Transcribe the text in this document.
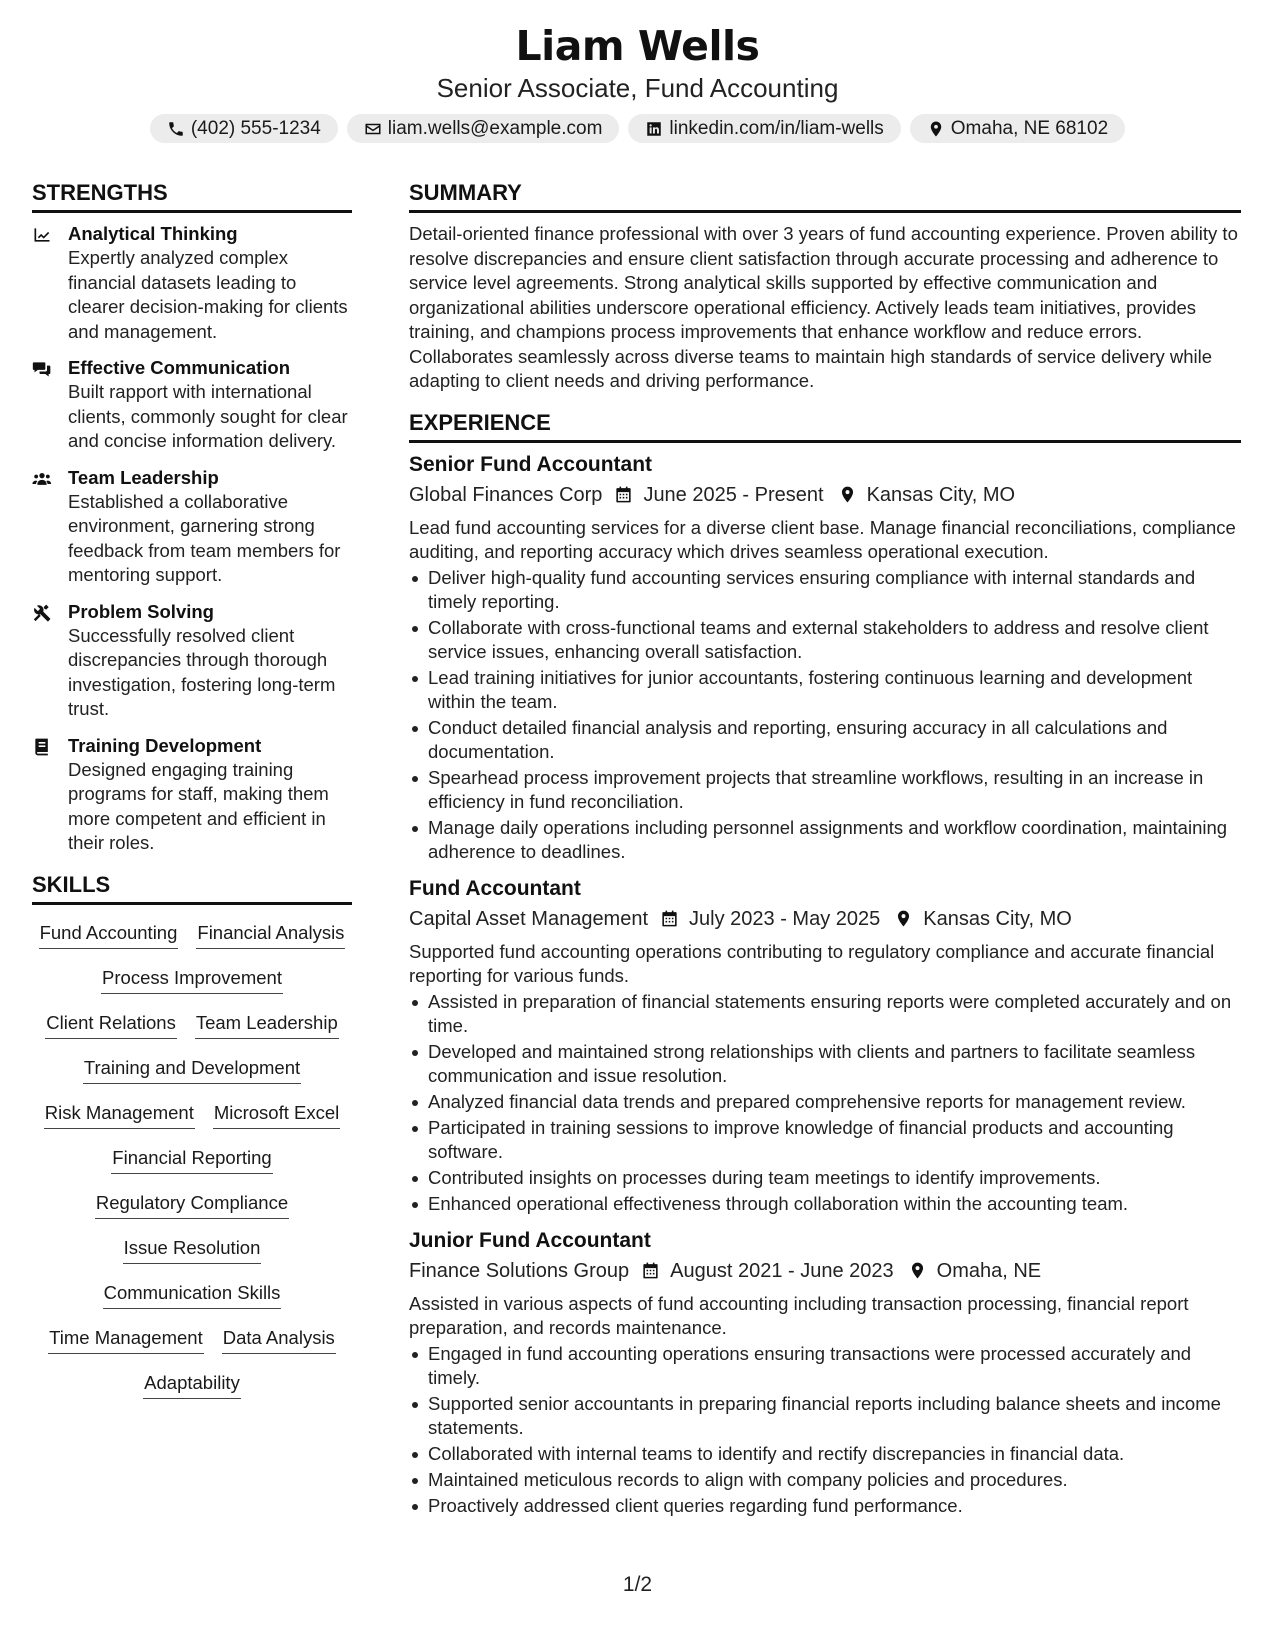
Liam Wells
Senior Associate, Fund Accounting
(402) 555-1234	liam.wells@example.com	linkedin.com/in/liam-wells	Omaha, NE 68102
STRENGTHS
Analytical Thinking
Expertly analyzed complex financial datasets leading to clearer decision-making for clients and management.
Effective Communication
Built rapport with international clients, commonly sought for clear and concise information delivery.
Team Leadership
Established a collaborative environment, garnering strong feedback from team members for mentoring support.
Problem Solving
Successfully resolved client discrepancies through thorough investigation, fostering long-term trust.
Training Development
Designed engaging training programs for staff, making them more competent and efficient in their roles.
SKILLS
Fund Accounting Financial Analysis
Process Improvement
Client Relations Team Leadership
Training and Development
Risk Management Microsoft Excel
Financial Reporting
Regulatory Compliance
Issue Resolution
Communication Skills
Time Management Data Analysis
Adaptability
SUMMARY
Detail-oriented finance professional with over 3 years of fund accounting experience. Proven ability to resolve discrepancies and ensure client satisfaction through accurate processing and adherence to service level agreements. Strong analytical skills supported by effective communication and organizational abilities underscore operational efficiency. Actively leads team initiatives, provides training, and champions process improvements that enhance workflow and reduce errors. Collaborates seamlessly across diverse teams to maintain high standards of service delivery while adapting to client needs and driving performance.
EXPERIENCE
Senior Fund Accountant
Global Finances Corp June 2025 - Present Kansas City, MO
Lead fund accounting services for a diverse client base. Manage financial reconciliations, compliance auditing, and reporting accuracy which drives seamless operational execution.
Deliver high-quality fund accounting services ensuring compliance with internal standards and timely reporting.
Collaborate with cross-functional teams and external stakeholders to address and resolve client service issues, enhancing overall satisfaction.
Lead training initiatives for junior accountants, fostering continuous learning and development within the team.
Conduct detailed financial analysis and reporting, ensuring accuracy in all calculations and documentation.
Spearhead process improvement projects that streamline workflows, resulting in an increase in efficiency in fund reconciliation.
Manage daily operations including personnel assignments and workflow coordination, maintaining adherence to deadlines.
Fund Accountant
Capital Asset Management July 2023 - May 2025 Kansas City, MO
Supported fund accounting operations contributing to regulatory compliance and accurate financial reporting for various funds.
Assisted in preparation of financial statements ensuring reports were completed accurately and on time.
Developed and maintained strong relationships with clients and partners to facilitate seamless communication and issue resolution.
Analyzed financial data trends and prepared comprehensive reports for management review.
Participated in training sessions to improve knowledge of financial products and accounting software.
Contributed insights on processes during team meetings to identify improvements.
Enhanced operational effectiveness through collaboration within the accounting team.
Junior Fund Accountant
Finance Solutions Group August 2021 - June 2023 Omaha, NE
Assisted in various aspects of fund accounting including transaction processing, financial report preparation, and records maintenance.
Engaged in fund accounting operations ensuring transactions were processed accurately and timely.
Supported senior accountants in preparing financial reports including balance sheets and income statements.
Collaborated with internal teams to identify and rectify discrepancies in financial data.
Maintained meticulous records to align with company policies and procedures.
Proactively addressed client queries regarding fund performance.
1/2
